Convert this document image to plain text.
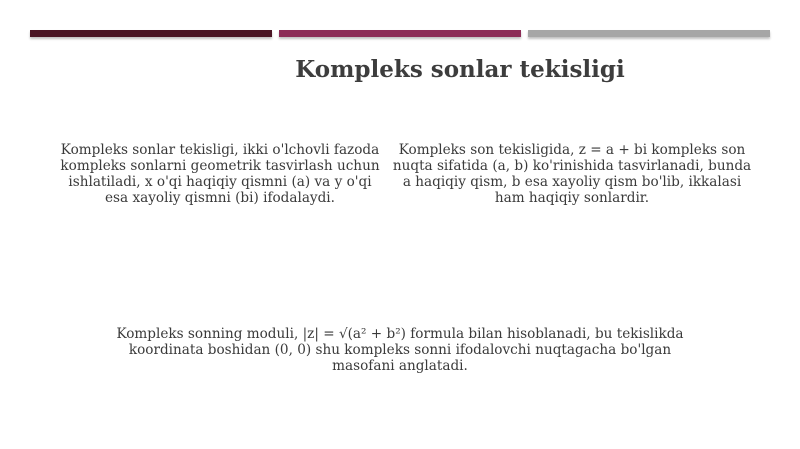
Kompleks sonlar tekisligi

Kompleks sonlar tekisligi, ikki o'lchovli fazoda kompleks sonlarni geometrik tasvirlash uchun ishlatiladi, x o'qi haqiqiy qismni (a) va y o'qi esa xayoliy qismni (bi) ifodalaydi.

Kompleks son tekisligida, z = a + bi kompleks son nuqta sifatida (a, b) ko'rinishida tasvirlanadi, bunda a haqiqiy qism, b esa xayoliy qism bo'lib, ikkalasi ham haqiqiy sonlardir.

Kompleks sonning moduli, |z| = √(a² + b²) formula bilan hisoblanadi, bu tekislikda koordinata boshidan (0, 0) shu kompleks sonni ifodalovchi nuqtagacha bo'lgan masofani anglatadi.
